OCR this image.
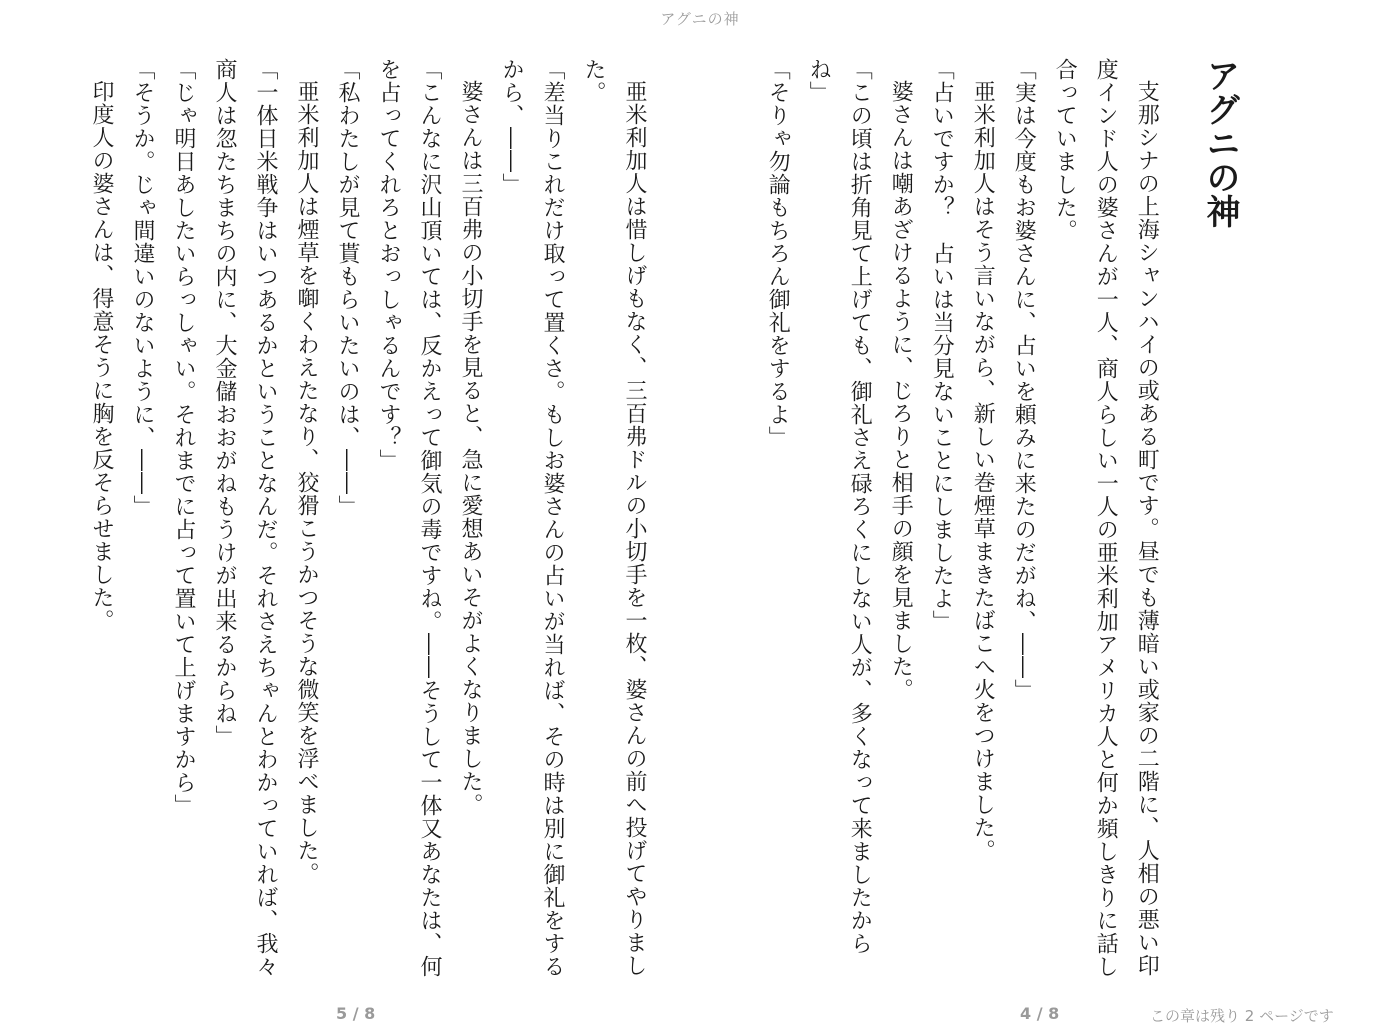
アグニの神
アグニの神

支那シナの上海シャンハイの或ある町です。昼でも薄暗い或家の二階に、人相の悪い印度インド人の婆さんが一人、商人らしい一人の亜米利加アメリカ人と何か頻しきりに話し合っていました。

「実は今度もお婆さんに、占いを頼みに来たのだがね、――」

亜米利加人はそう言いながら、新しい巻煙草まきたばこへ火をつけました。

「占いですか？　占いは当分見ないことにしましたよ」

婆さんは嘲あざけるように、じろりと相手の顔を見ました。

「この頃は折角見て上げても、御礼さえ碌ろくにしない人が、多くなって来ましたからね」

「そりゃ勿論もちろん御礼をするよ」

亜米利加人は惜しげもなく、三百弗ドルの小切手を一枚、婆さんの前へ投げてやりました。

「差当りこれだけ取って置くさ。もしお婆さんの占いが当れば、その時は別に御礼をするから、――」

婆さんは三百弗の小切手を見ると、急に愛想あいそがよくなりました。

「こんなに沢山頂いては、反かえって御気の毒ですね。――そうして一体又あなたは、何を占ってくれろとおっしゃるんです？」

「私わたしが見て貰もらいたいのは、――」

亜米利加人は煙草を啣くわえたなり、狡猾こうかつそうな微笑を浮べました。

「一体日米戦争はいつあるかということなんだ。それさえちゃんとわかっていれば、我々商人は忽たちまちの内に、大金儲おおがねもうけが出来るからね」

「じゃ明日あしたいらっしゃい。それまでに占って置いて上げますから」

「そうか。じゃ間違いのないように、――」

印度人の婆さんは、得意そうに胸を反そらせました。

5 / 8	4 / 8	この章は残り 2 ページです
